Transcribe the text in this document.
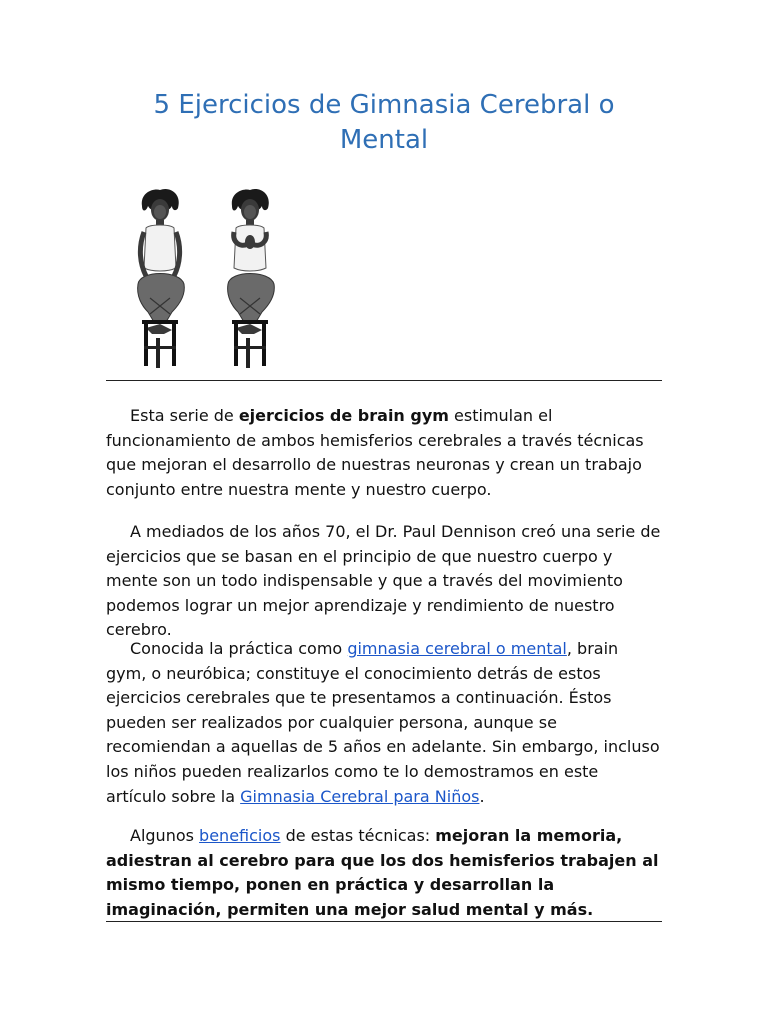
5 Ejercicios de Gimnasia Cerebral o Mental

Esta serie de ejercicios de brain gym estimulan el funcionamiento de ambos hemisferios cerebrales a través técnicas que mejoran el desarrollo de nuestras neuronas y crean un trabajo conjunto entre nuestra mente y nuestro cuerpo.

A mediados de los años 70, el Dr. Paul Dennison creó una serie de ejercicios que se basan en el principio de que nuestro cuerpo y mente son un todo indispensable y que a través del movimiento podemos lograr un mejor aprendizaje y rendimiento de nuestro cerebro.

Conocida la práctica como gimnasia cerebral o mental, brain gym, o neuróbica; constituye el conocimiento detrás de estos ejercicios cerebrales que te presentamos a continuación. Éstos pueden ser realizados por cualquier persona, aunque se recomiendan a aquellas de 5 años en adelante. Sin embargo, incluso los niños pueden realizarlos como te lo demostramos en este artículo sobre la Gimnasia Cerebral para Niños.

Algunos beneficios de estas técnicas: mejoran la memoria, adiestran al cerebro para que los dos hemisferios trabajen al mismo tiempo, ponen en práctica y desarrollan la imaginación, permiten una mejor salud mental y más.
